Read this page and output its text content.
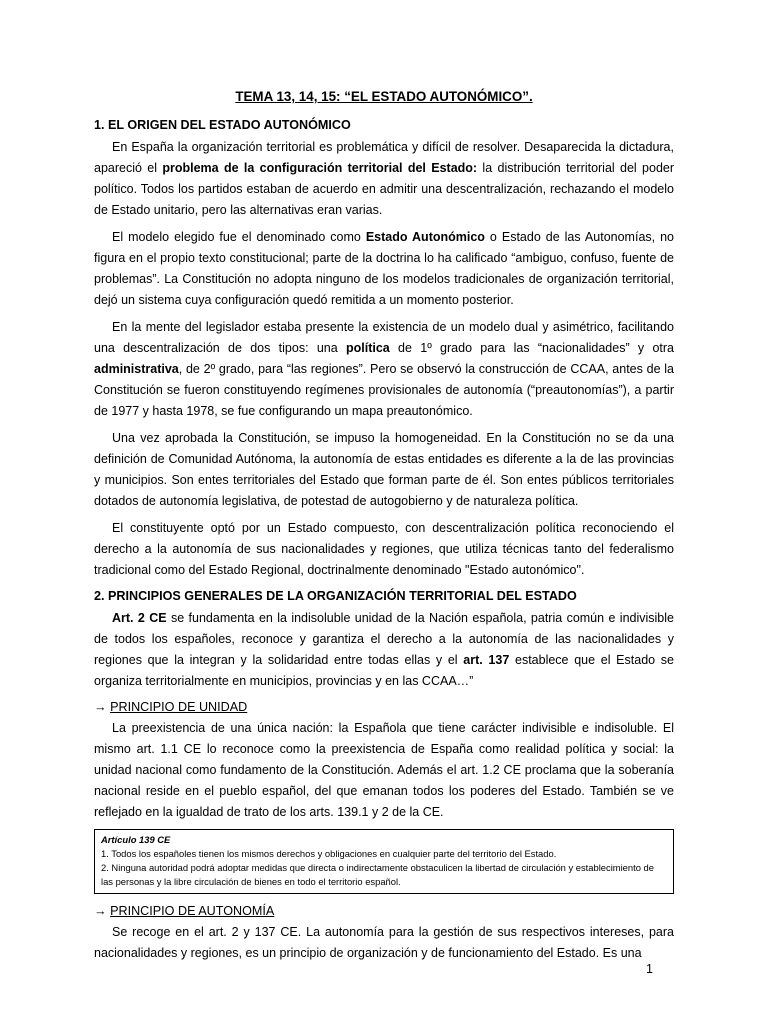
TEMA 13, 14, 15: “EL ESTADO AUTONÓMICO”.
1. EL ORIGEN DEL ESTADO AUTONÓMICO

En España la organización territorial es problemática y difícil de resolver. Desaparecida la dictadura, apareció el problema de la configuración territorial del Estado: la distribución territorial del poder político. Todos los partidos estaban de acuerdo en admitir una descentralización, rechazando el modelo de Estado unitario, pero las alternativas eran varias.

El modelo elegido fue el denominado como Estado Autonómico o Estado de las Autonomías, no figura en el propio texto constitucional; parte de la doctrina lo ha calificado “ambiguo, confuso, fuente de problemas”. La Constitución no adopta ninguno de los modelos tradicionales de organización territorial, dejó un sistema cuya configuración quedó remitida a un momento posterior.

En la mente del legislador estaba presente la existencia de un modelo dual y asimétrico, facilitando una descentralización de dos tipos: una política de 1º grado para las “nacionalidades” y otra administrativa, de 2º grado, para “las regiones”. Pero se observó la construcción de CCAA, antes de la Constitución se fueron constituyendo regímenes provisionales de autonomía (“preautonomías”), a partir de 1977 y hasta 1978, se fue configurando un mapa preautonómico.

Una vez aprobada la Constitución, se impuso la homogeneidad. En la Constitución no se da una definición de Comunidad Autónoma, la autonomía de estas entidades es diferente a la de las provincias y municipios. Son entes territoriales del Estado que forman parte de él. Son entes públicos territoriales dotados de autonomía legislativa, de potestad de autogobierno y de naturaleza política.

El constituyente optó por un Estado compuesto, con descentralización política reconociendo el derecho a la autonomía de sus nacionalidades y regiones, que utiliza técnicas tanto del federalismo tradicional como del Estado Regional, doctrinalmente denominado "Estado autonómico".

2. PRINCIPIOS GENERALES DE LA ORGANIZACIÓN TERRITORIAL DEL ESTADO

Art. 2 CE se fundamenta en la indisoluble unidad de la Nación española, patria común e indivisible de todos los españoles, reconoce y garantiza el derecho a la autonomía de las nacionalidades y regiones que la integran y la solidaridad entre todas ellas y el art. 137 establece que el Estado se organiza territorialmente en municipios, provincias y en las CCAA…”

→ PRINCIPIO DE UNIDAD

La preexistencia de una única nación: la Española que tiene carácter indivisible e indisoluble. El mismo art. 1.1 CE lo reconoce como la preexistencia de España como realidad política y social: la unidad nacional como fundamento de la Constitución. Además el art. 1.2 CE proclama que la soberanía nacional reside en el pueblo español, del que emanan todos los poderes del Estado. También se ve reflejado en la igualdad de trato de los arts. 139.1 y 2 de la CE.

Artículo 139 CE
1. Todos los españoles tienen los mismos derechos y obligaciones en cualquier parte del territorio del Estado.
2. Ninguna autoridad podrá adoptar medidas que directa o indirectamente obstaculicen la libertad de circulación y establecimiento de las personas y la libre circulación de bienes en todo el territorio español.
→ PRINCIPIO DE AUTONOMÍA

Se recoge en el art. 2 y 137 CE. La autonomía para la gestión de sus respectivos intereses, para nacionalidades y regiones, es un principio de organización y de funcionamiento del Estado. Es una

1
